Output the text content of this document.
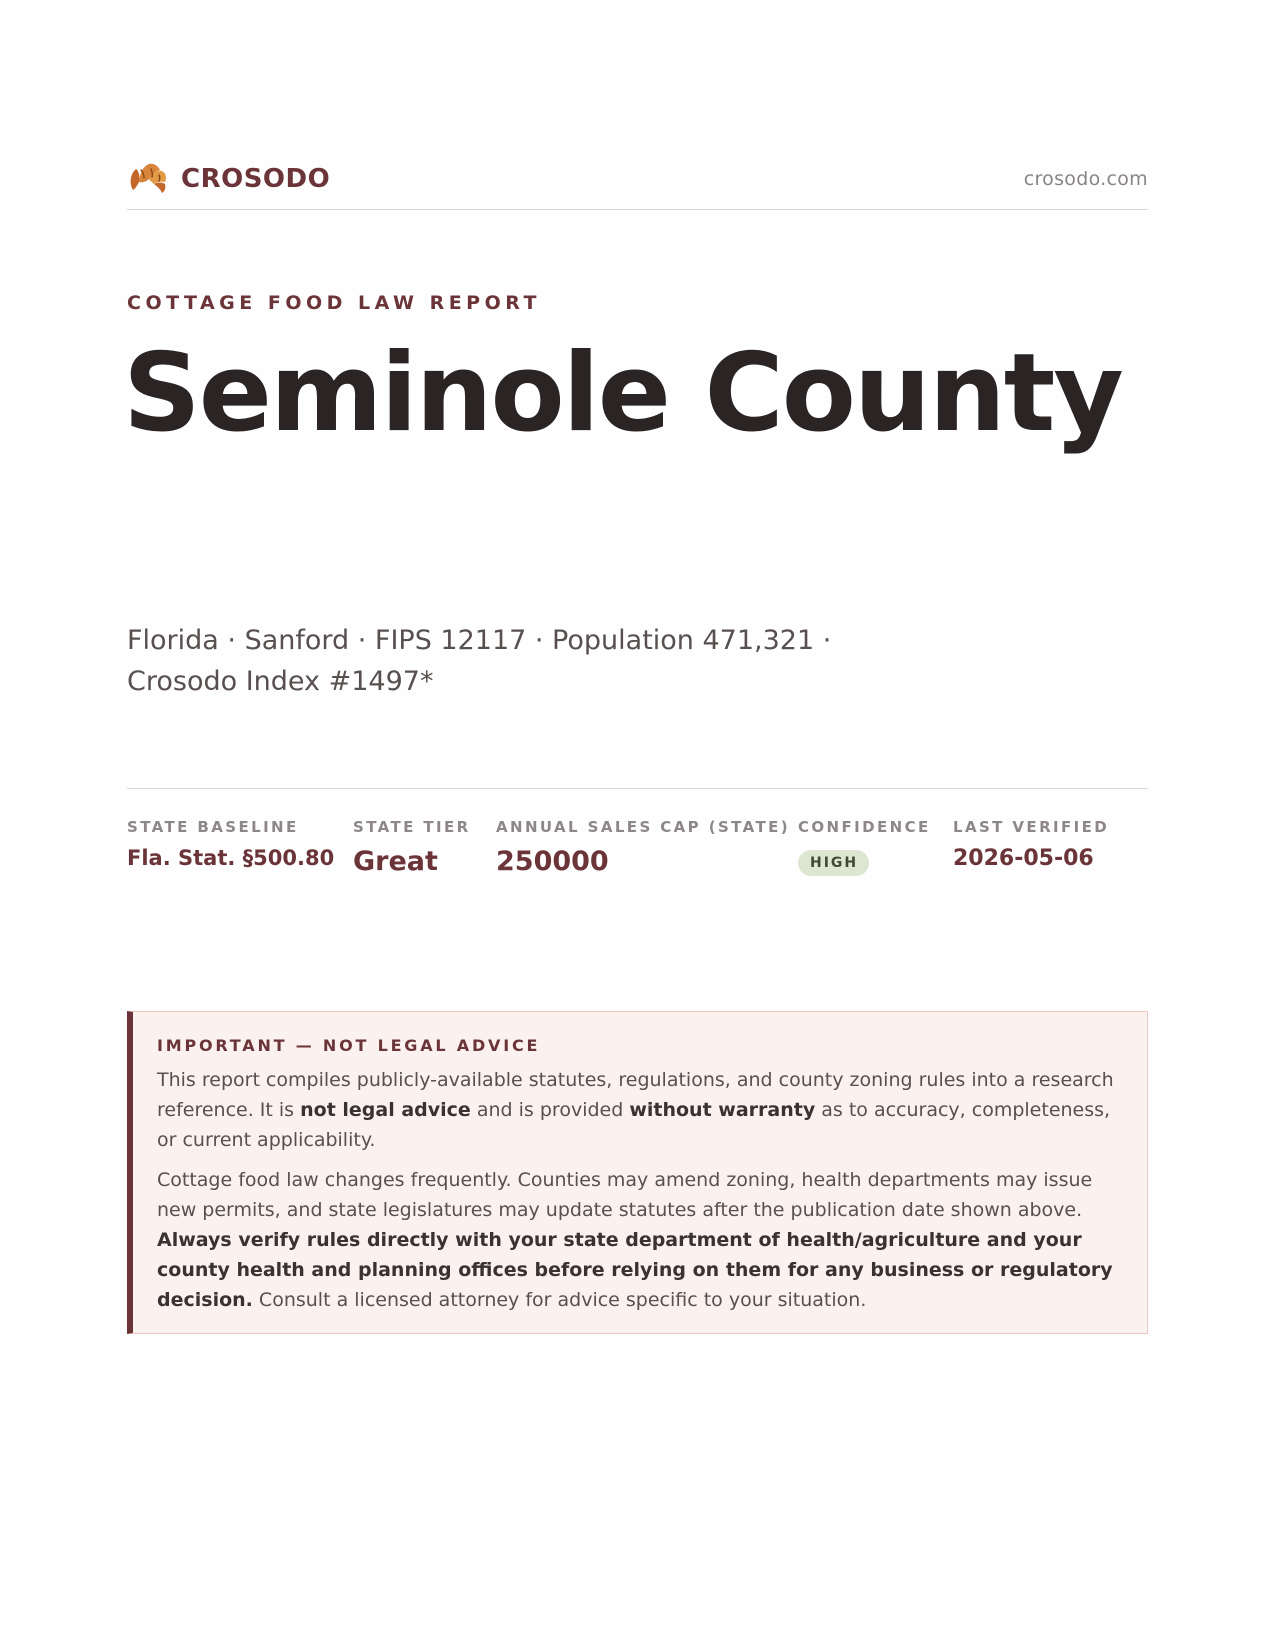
CROSODO	crosodo.com
COTTAGE FOOD LAW REPORT
Seminole County

Florida · Sanford · FIPS 12117 · Population 471,321 · Crosodo Index #1497*

STATE BASELINE
Fla. Stat. §500.80
STATE TIER
Great
ANNUAL SALES CAP (STATE)
250000
CONFIDENCE
HIGH
LAST VERIFIED
2026-05-06
IMPORTANT — NOT LEGAL ADVICE

This report compiles publicly-available statutes, regulations, and county zoning rules into a research reference. It is not legal advice and is provided without warranty as to accuracy, completeness, or current applicability.

Cottage food law changes frequently. Counties may amend zoning, health departments may issue new permits, and state legislatures may update statutes after the publication date shown above. Always verify rules directly with your state department of health/agriculture and your county health and planning offices before relying on them for any business or regulatory decision. Consult a licensed attorney for advice specific to your situation.
